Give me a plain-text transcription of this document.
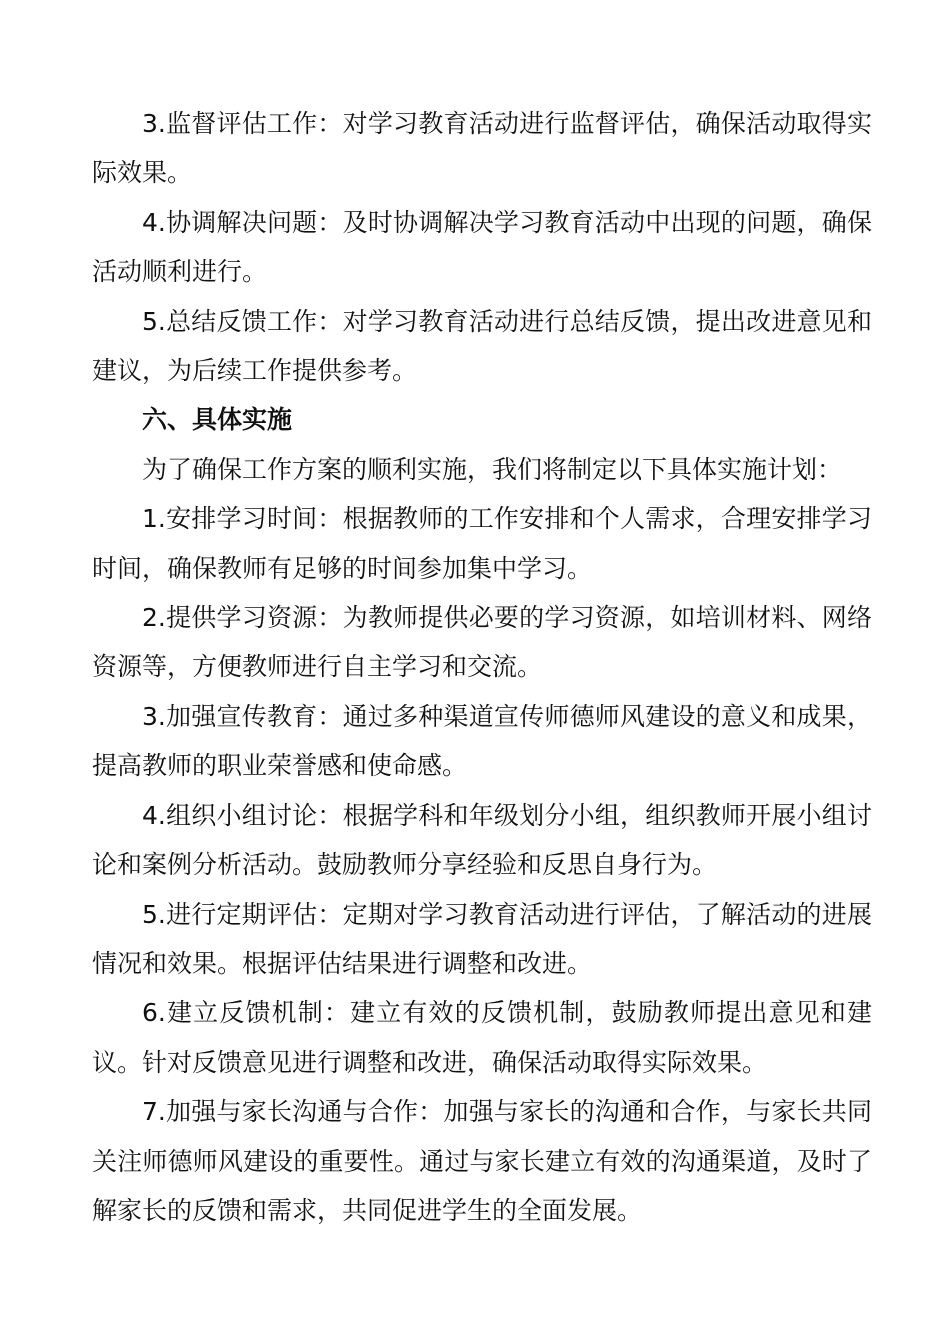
3.监督评估工作：对学习教育活动进行监督评估，确保活动取得实际效果。

4.协调解决问题：及时协调解决学习教育活动中出现的问题，确保活动顺利进行。

5.总结反馈工作：对学习教育活动进行总结反馈，提出改进意见和建议，为后续工作提供参考。

六、具体实施

为了确保工作方案的顺利实施，我们将制定以下具体实施计划：

1.安排学习时间：根据教师的工作安排和个人需求，合理安排学习时间，确保教师有足够的时间参加集中学习。

2.提供学习资源：为教师提供必要的学习资源，如培训材料、网络资源等，方便教师进行自主学习和交流。

3.加强宣传教育：通过多种渠道宣传师德师风建设的意义和成果，提高教师的职业荣誉感和使命感。

4.组织小组讨论：根据学科和年级划分小组，组织教师开展小组讨论和案例分析活动。鼓励教师分享经验和反思自身行为。

5.进行定期评估：定期对学习教育活动进行评估，了解活动的进展情况和效果。根据评估结果进行调整和改进。

6.建立反馈机制：建立有效的反馈机制，鼓励教师提出意见和建议。针对反馈意见进行调整和改进，确保活动取得实际效果。

7.加强与家长沟通与合作：加强与家长的沟通和合作，与家长共同关注师德师风建设的重要性。通过与家长建立有效的沟通渠道，及时了解家长的反馈和需求，共同促进学生的全面发展。
